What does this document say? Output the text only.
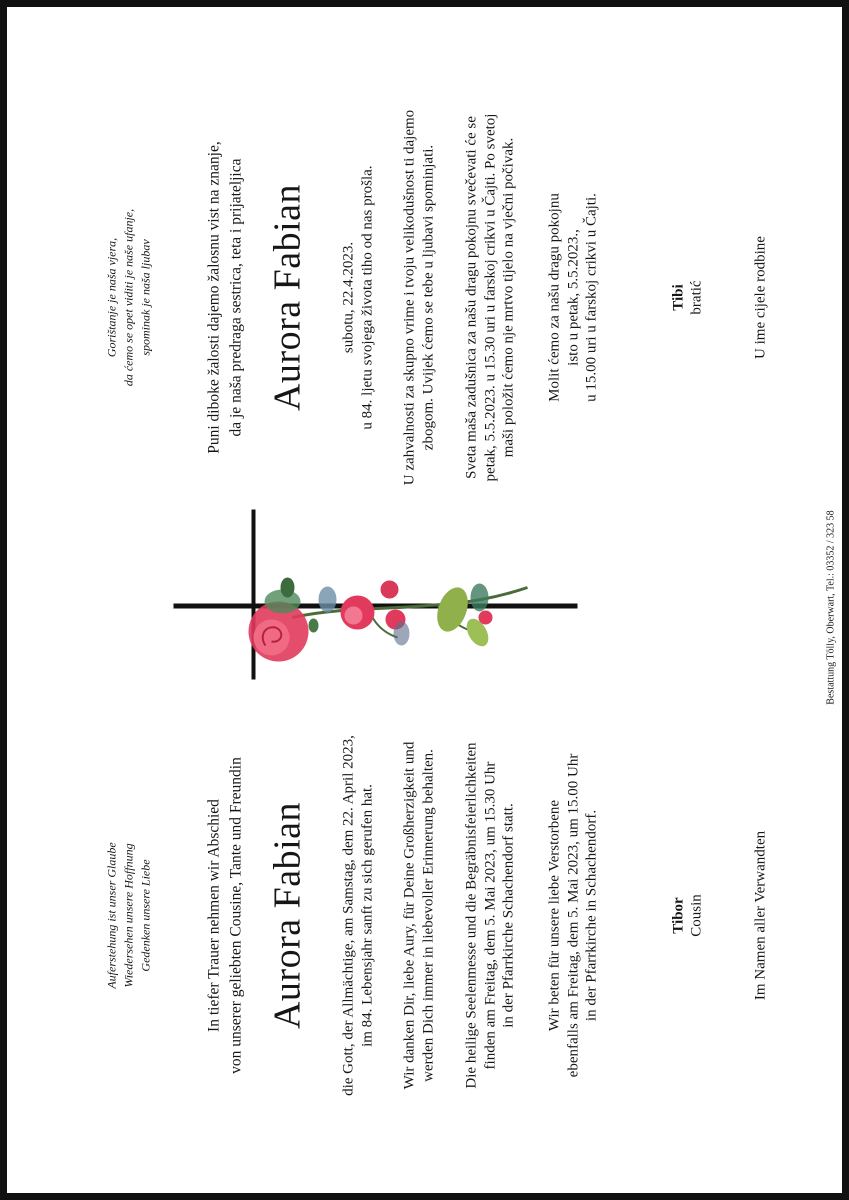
Auferstehung ist unser Glaube Wiedersehen unsere Hoffnung Gedenken unsere Liebe	In tiefer Trauer nehmen wir Abschied von unserer geliebten Cousine, Tante und Freundin Aurora Fabian die Gott, der Allmächtige, am Samstag, dem 22. April 2023, im 84. Lebensjahr sanft zu sich gerufen hat. Wir danken Dir, liebe Aury, für Deine Großherzigkeit und werden Dich immer in liebevoller Erinnerung behalten. Die heilige Seelenmesse und die Begräbnisfeierlichkeiten finden am Freitag, dem 5. Mai 2023, um 15.30 Uhr in der Pfarrkirche Schachendorf statt. Wir beten für unsere liebe Verstorbene ebenfalls am Freitag, dem 5. Mai 2023, um 15.00 Uhr in der Pfarrkirche in Schachendorf.	Tibor Cousin	Im Namen aller Verwandten
Gorištanje je naša vjera, da ćemo se opet viditi je naše ufanje, spominak je naša ljubav	Puni diboke žalosti dajemo žalosnu vist na znanje, da je naša predraga sestrica, teta i prijateljica Aurora Fabian subotu, 22.4.2023. u 84. ljetu svojega života tiho od nas prošla. U zahvalnosti za skupno vrime i tvoju velikodušnost ti dajemo zbogom. Uvijek ćemo se tebe u ljubavi spominjati. Sveta maša zadušnica za našu dragu pokojnu svečevati će se petak, 5.5.2023. u 15.30 uri u farskoj crikvi u Čajti. Po svetoj maši položit ćemo nje mrtvo tijelo na vječni počivak. Molit ćemo za našu dragu pokojnu isto u petak, 5.5.2023., u 15.00 uri u farskoj crikvi u Čajti.	Tibi bratić	U ime cijele rodbine
Bestattung Tölly, Oberwart, Tel.: 03352 / 323 58
